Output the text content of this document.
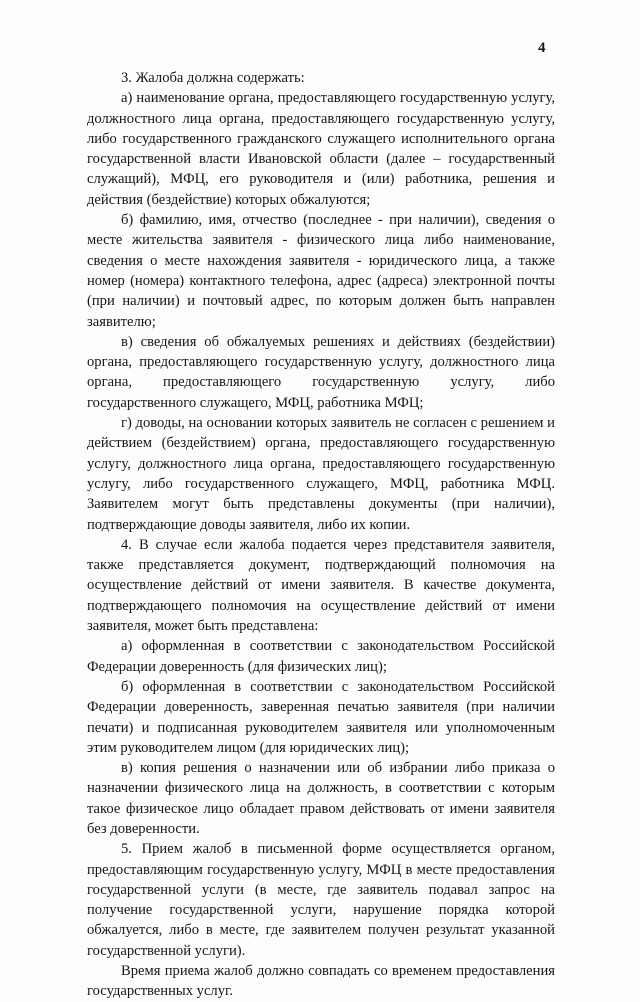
4
3. Жалоба должна содержать:
а) наименование органа, предоставляющего государственную услугу,
должностного лица органа, предоставляющего государственную услугу,
либо государственного гражданского служащего исполнительного органа
государственной власти Ивановской области (далее – государственный
служащий), МФЦ, его руководителя и (или) работника, решения и
действия (бездействие) которых обжалуются;
б) фамилию, имя, отчество (последнее - при наличии), сведения о
месте жительства заявителя - физического лица либо наименование,
сведения о месте нахождения заявителя - юридического лица, а также
номер (номера) контактного телефона, адрес (адреса) электронной почты
(при наличии) и почтовый адрес, по которым должен быть направлен
заявителю;
в) сведения об обжалуемых решениях и действиях (бездействии)
органа, предоставляющего государственную услугу, должностного лица
органа, предоставляющего государственную услугу, либо
государственного служащего, МФЦ, работника МФЦ;
г) доводы, на основании которых заявитель не согласен с решением и
действием (бездействием) органа, предоставляющего государственную
услугу, должностного лица органа, предоставляющего государственную
услугу, либо государственного служащего, МФЦ, работника МФЦ.
Заявителем могут быть представлены документы (при наличии),
подтверждающие доводы заявителя, либо их копии.
4. В случае если жалоба подается через представителя заявителя,
также представляется документ, подтверждающий полномочия на
осуществление действий от имени заявителя. В качестве документа,
подтверждающего полномочия на осуществление действий от имени
заявителя, может быть представлена:
а) оформленная в соответствии с законодательством Российской
Федерации доверенность (для физических лиц);
б) оформленная в соответствии с законодательством Российской
Федерации доверенность, заверенная печатью заявителя (при наличии
печати) и подписанная руководителем заявителя или уполномоченным
этим руководителем лицом (для юридических лиц);
в) копия решения о назначении или об избрании либо приказа о
назначении физического лица на должность, в соответствии с которым
такое физическое лицо обладает правом действовать от имени заявителя
без доверенности.
5. Прием жалоб в письменной форме осуществляется органом,
предоставляющим государственную услугу, МФЦ в месте предоставления
государственной услуги (в месте, где заявитель подавал запрос на
получение государственной услуги, нарушение порядка которой
обжалуется, либо в месте, где заявителем получен результат указанной
государственной услуги).
Время приема жалоб должно совпадать со временем предоставления
государственных услуг.
